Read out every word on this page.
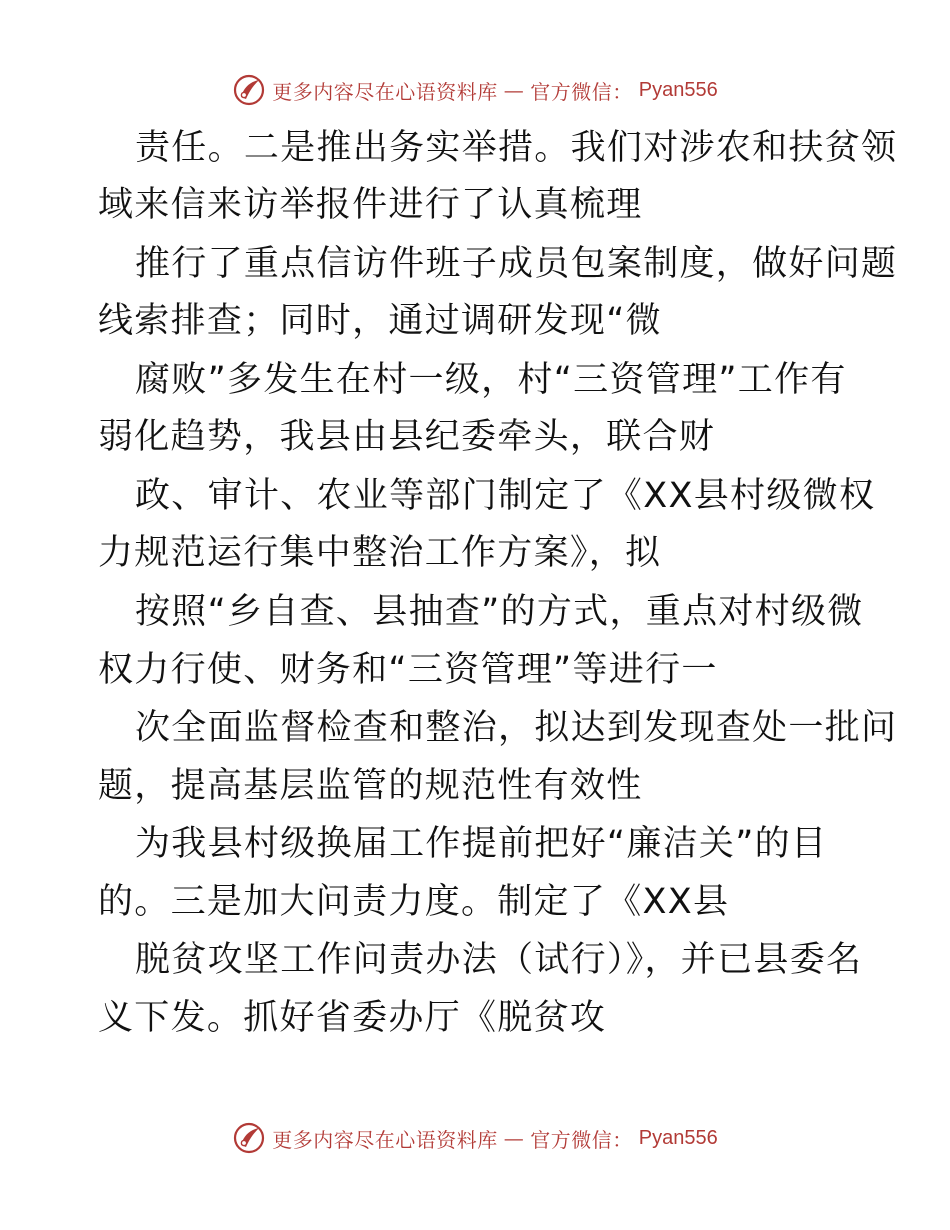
更多内容尽在心语资料库 — 官方微信： Pyan556
责任。二是推出务实举措。我们对涉农和扶贫领
域来信来访举报件进行了认真梳理
推行了重点信访件班子成员包案制度，做好问题
线索排查；同时，通过调研发现“微
腐败”多发生在村一级，村“三资管理”工作有
弱化趋势，我县由县纪委牵头，联合财
政、审计、农业等部门制定了《XX县村级微权
力规范运行集中整治工作方案》，拟
按照“乡自查、县抽查”的方式，重点对村级微
权力行使、财务和“三资管理”等进行一
次全面监督检查和整治，拟达到发现查处一批问
题，提高基层监管的规范性有效性
为我县村级换届工作提前把好“廉洁关”的目
的。三是加大问责力度。制定了《XX县
脱贫攻坚工作问责办法（试行）》，并已县委名
义下发。抓好省委办厅《脱贫攻
更多内容尽在心语资料库 — 官方微信： Pyan556
